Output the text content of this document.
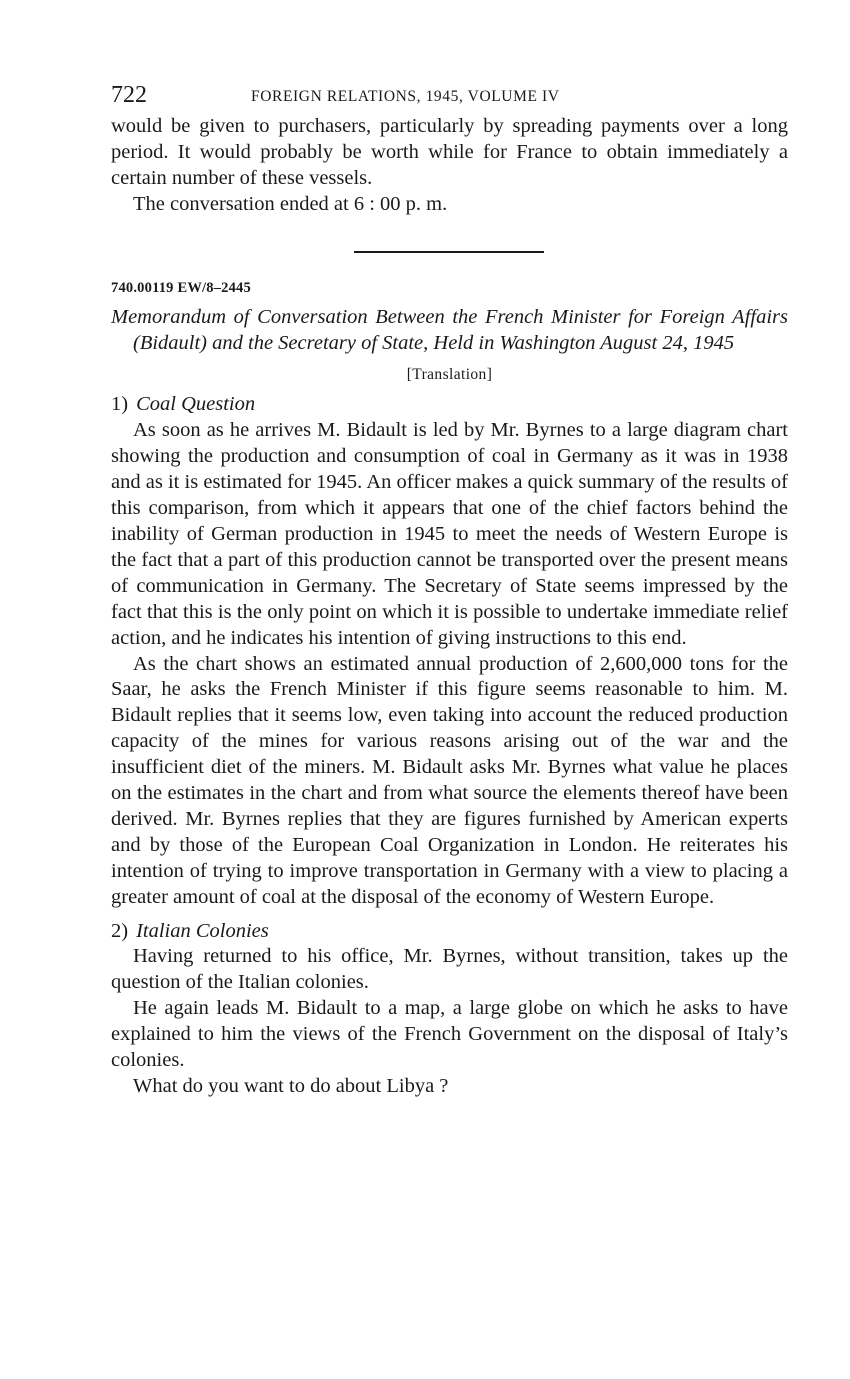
722	FOREIGN RELATIONS, 1945, VOLUME IV

would be given to purchasers, particularly by spreading payments over a long period. It would probably be worth while for France to obtain immediately a certain number of these vessels.

The conversation ended at 6 : 00 p. m.

740.00119 EW/8–2445
Memorandum of Conversation Between the French Minister for Foreign Affairs (Bidault) and the Secretary of State, Held in Washington August 24, 1945
[Translation]
1) Coal Question

As soon as he arrives M. Bidault is led by Mr. Byrnes to a large diagram chart showing the production and consumption of coal in Germany as it was in 1938 and as it is estimated for 1945. An officer makes a quick summary of the results of this comparison, from which it appears that one of the chief factors behind the inability of German production in 1945 to meet the needs of Western Europe is the fact that a part of this production cannot be transported over the present means of communication in Germany. The Secretary of State seems impressed by the fact that this is the only point on which it is possible to undertake immediate relief action, and he indicates his intention of giving instructions to this end.

As the chart shows an estimated annual production of 2,600,000 tons for the Saar, he asks the French Minister if this figure seems reasonable to him. M. Bidault replies that it seems low, even taking into account the reduced production capacity of the mines for various reasons arising out of the war and the insufficient diet of the miners. M. Bidault asks Mr. Byrnes what value he places on the estimates in the chart and from what source the elements thereof have been derived. Mr. Byrnes replies that they are figures furnished by American experts and by those of the European Coal Organization in London. He reiterates his intention of trying to improve transportation in Germany with a view to placing a greater amount of coal at the disposal of the economy of Western Europe.

2) Italian Colonies

Having returned to his office, Mr. Byrnes, without transition, takes up the question of the Italian colonies.

He again leads M. Bidault to a map, a large globe on which he asks to have explained to him the views of the French Government on the disposal of Italy’s colonies.

What do you want to do about Libya ?
